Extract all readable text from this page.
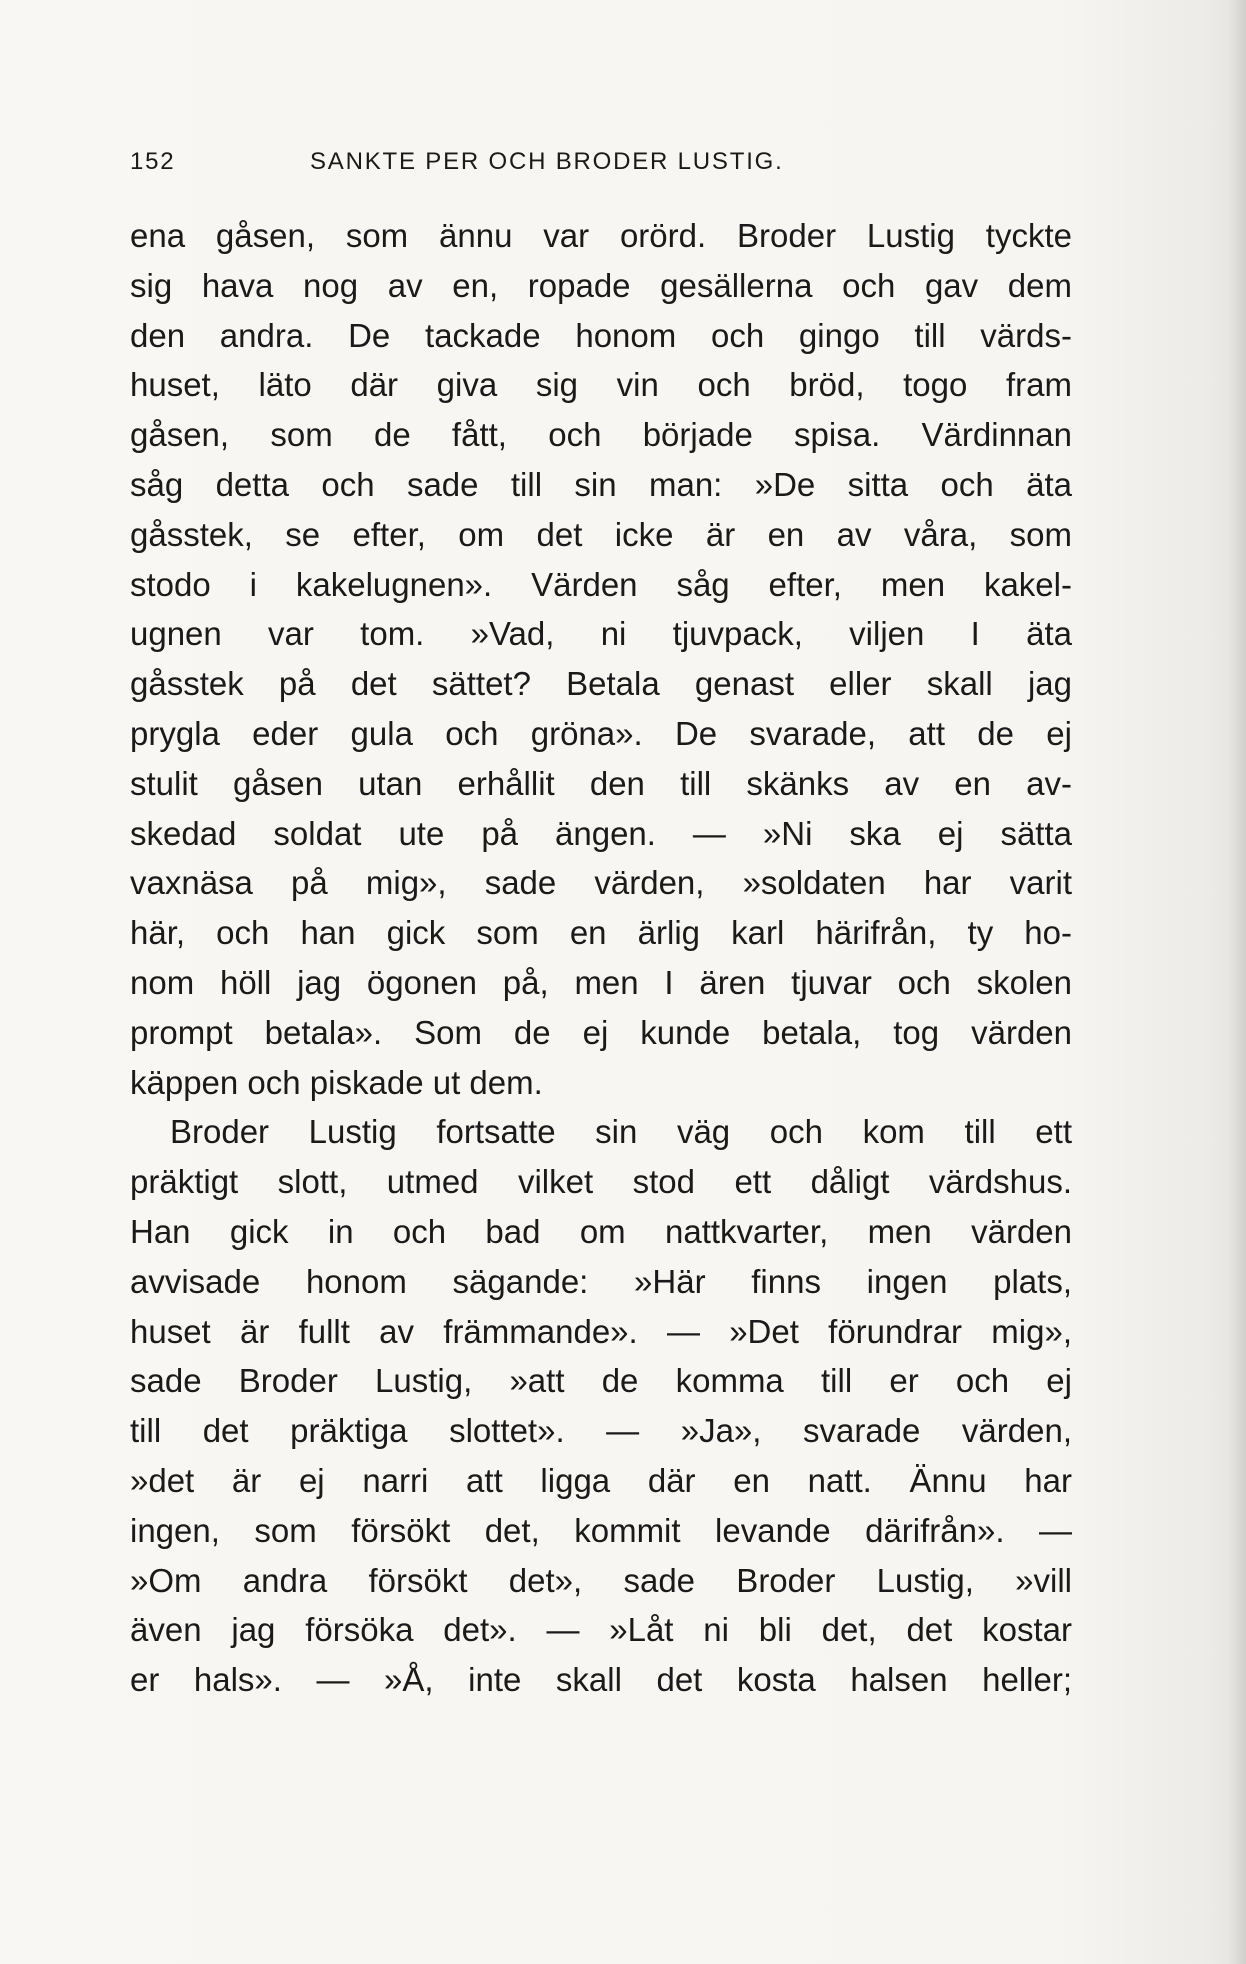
152	SANKTE PER OCH BRODER LUSTIG.
ena gåsen, som ännu var orörd. Broder Lustig tyckte
sig hava nog av en, ropade gesällerna och gav dem
den andra. De tackade honom och gingo till värds-
huset, läto där giva sig vin och bröd, togo fram
gåsen, som de fått, och började spisa. Värdinnan
såg detta och sade till sin man: »De sitta och äta
gåsstek, se efter, om det icke är en av våra, som
stodo i kakelugnen». Värden såg efter, men kakel-
ugnen var tom. »Vad, ni tjuvpack, viljen I äta
gåsstek på det sättet? Betala genast eller skall jag
prygla eder gula och gröna». De svarade, att de ej
stulit gåsen utan erhållit den till skänks av en av-
skedad soldat ute på ängen. — »Ni ska ej sätta
vaxnäsa på mig», sade värden, »soldaten har varit
här, och han gick som en ärlig karl härifrån, ty ho-
nom höll jag ögonen på, men I ären tjuvar och skolen
prompt betala». Som de ej kunde betala, tog värden
käppen och piskade ut dem.
Broder Lustig fortsatte sin väg och kom till ett
präktigt slott, utmed vilket stod ett dåligt värdshus.
Han gick in och bad om nattkvarter, men värden
avvisade honom sägande: »Här finns ingen plats,
huset är fullt av främmande». — »Det förundrar mig»,
sade Broder Lustig, »att de komma till er och ej
till det präktiga slottet». — »Ja», svarade värden,
»det är ej narri att ligga där en natt. Ännu har
ingen, som försökt det, kommit levande därifrån». —
»Om andra försökt det», sade Broder Lustig, »vill
även jag försöka det». — »Låt ni bli det, det kostar
er hals». — »Å, inte skall det kosta halsen heller;
